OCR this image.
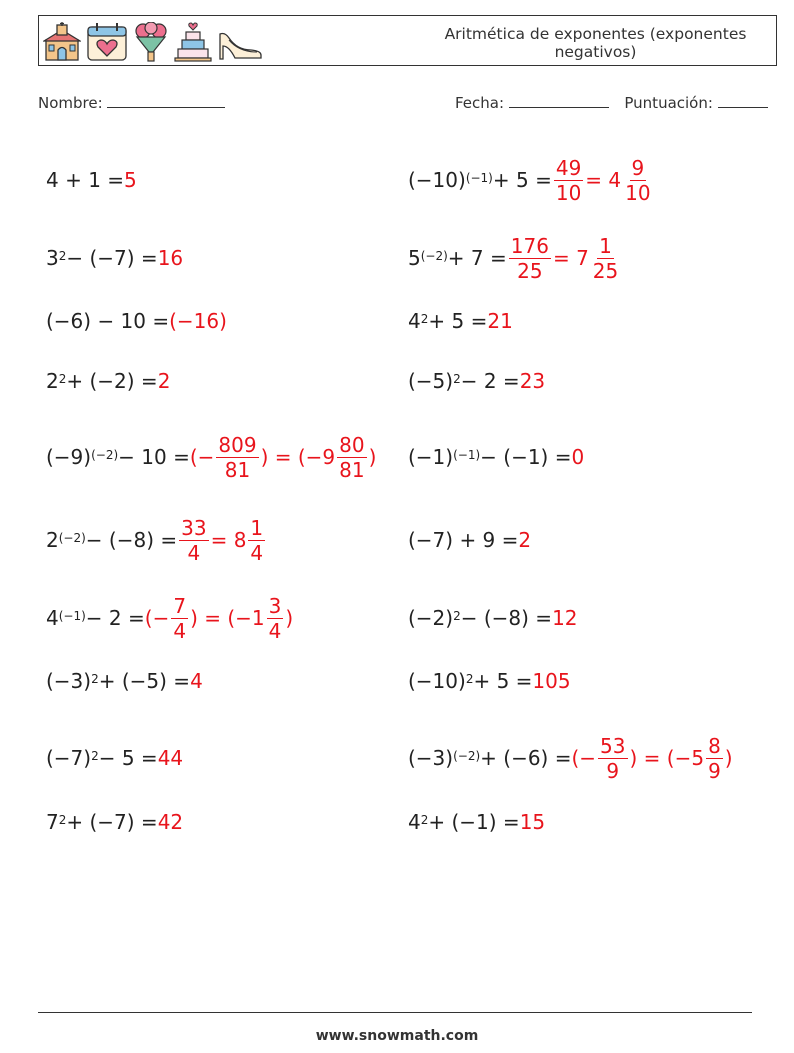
Aritmética de exponentes (exponentes negativos)
Nombre:	Fecha:	Puntuación:
4 + 1 = 5
$3^2 - (-7) = 16$
(−6) − 10 = (−16)
$2^2 + (-2) = 2$
$(-9)^{(-2)} - 10$ = (− $\frac{809}{81}$ ) = ($-9 \frac{80}{81}$ )
$2^{(-2)} - (-8) = \frac{33}{4} = 8 \frac{1}{4}$
$4^{(-1)} - 2$ = (− $\frac{7}{4}$ ) = ($-1 \frac{3}{4}$ )
$(-3)^2 + (-5) = 4$
$(-7)^2 - 5 = 44$
$7^2 + (-7) = 42$
$(-10)^{(-1)} + 5 = \frac{49}{10} = 4 \frac{9}{10}$
$5^{(-2)} + 7 = \frac{176}{25} = 7 \frac{1}{25}$
$4^2 + 5 = 21$
$(-5)^2 - 2 = 23$
$(-1)^{(-1)} - (-1) = 0$
(−7) + 9 = 2
$(-2)^2 - (-8) = 12$
$(-10)^2 + 5 = 105$
$(-3)^{(-2)} + (-6)$ = (− $\frac{53}{9}$ ) = ($-5 \frac{8}{9}$ )
$4^2 + (-1) = 15$
www.snowmath.com
